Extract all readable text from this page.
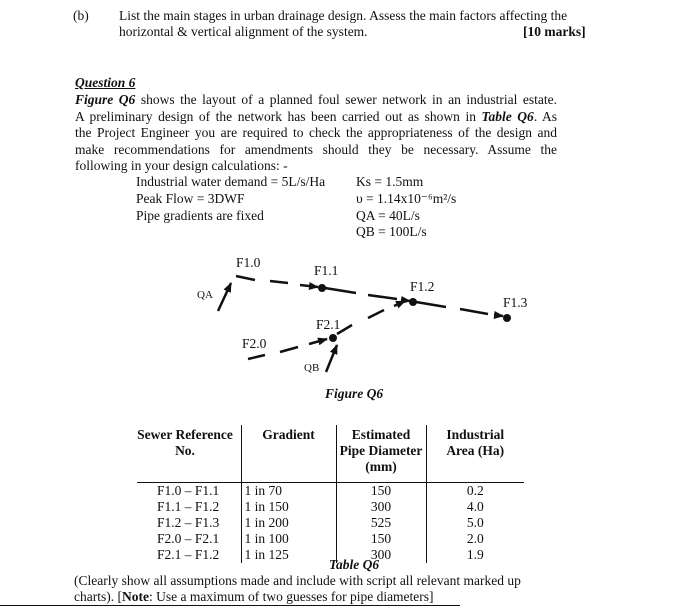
(b) List the main stages in urban drainage design. Assess the main factors affecting the
horizontal & vertical alignment of the system.	[10 marks]
Question 6
Figure Q6 shows the layout of a planned foul sewer network in an industrial estate.
A preliminary design of the network has been carried out as shown in Table Q6. As
the Project Engineer you are required to check the appropriateness of the design and
make recommendations for amendments should they be necessary. Assume the
following in your design calculations: -
Industrial water demand = 5L/s/Ha
Peak Flow = 3DWF
Pipe gradients are fixed
Ks = 1.5mm
υ = 1.14x10⁻⁶m²/s
QA = 40L/s
QB = 100L/s
F1.0
F1.1
F1.2
F1.3
F2.0
F2.1
QA
QB
Figure Q6
Sewer Reference No.	Gradient	Estimated Pipe Diameter (mm)	Industrial Area (Ha)

F1.0 – F1.1	1 in 70	150	0.2

F1.1 – F1.2	1 in 150	300	4.0

F1.2 – F1.3	1 in 200	525	5.0

F2.0 – F2.1	1 in 100	150	2.0

F2.1 – F1.2	1 in 125	300	1.9
Table Q6
(Clearly show all assumptions made and include with script all relevant marked up
charts). [Note: Use a maximum of two guesses for pipe diameters]
